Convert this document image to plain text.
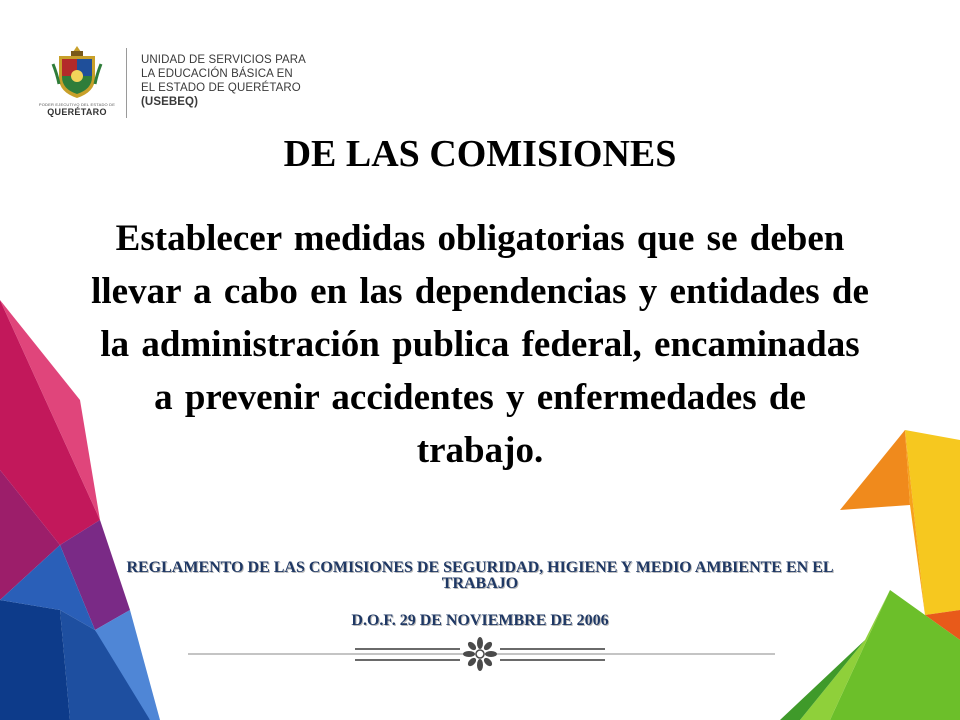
PODER EJECUTIVO DEL ESTADO DE
QUERÉTARO
UNIDAD DE SERVICIOS PARA
LA EDUCACIÓN BÁSICA EN
EL ESTADO DE QUERÉTARO
(USEBEQ)
DE LAS COMISIONES

Establecer medidas obligatorias que se deben llevar a cabo en las dependencias y entidades de la administración publica federal, encaminadas a prevenir accidentes y enfermedades de trabajo.

REGLAMENTO DE LAS COMISIONES DE SEGURIDAD, HIGIENE Y MEDIO AMBIENTE EN EL TRABAJO

D.O.F. 29 DE NOVIEMBRE DE 2006
